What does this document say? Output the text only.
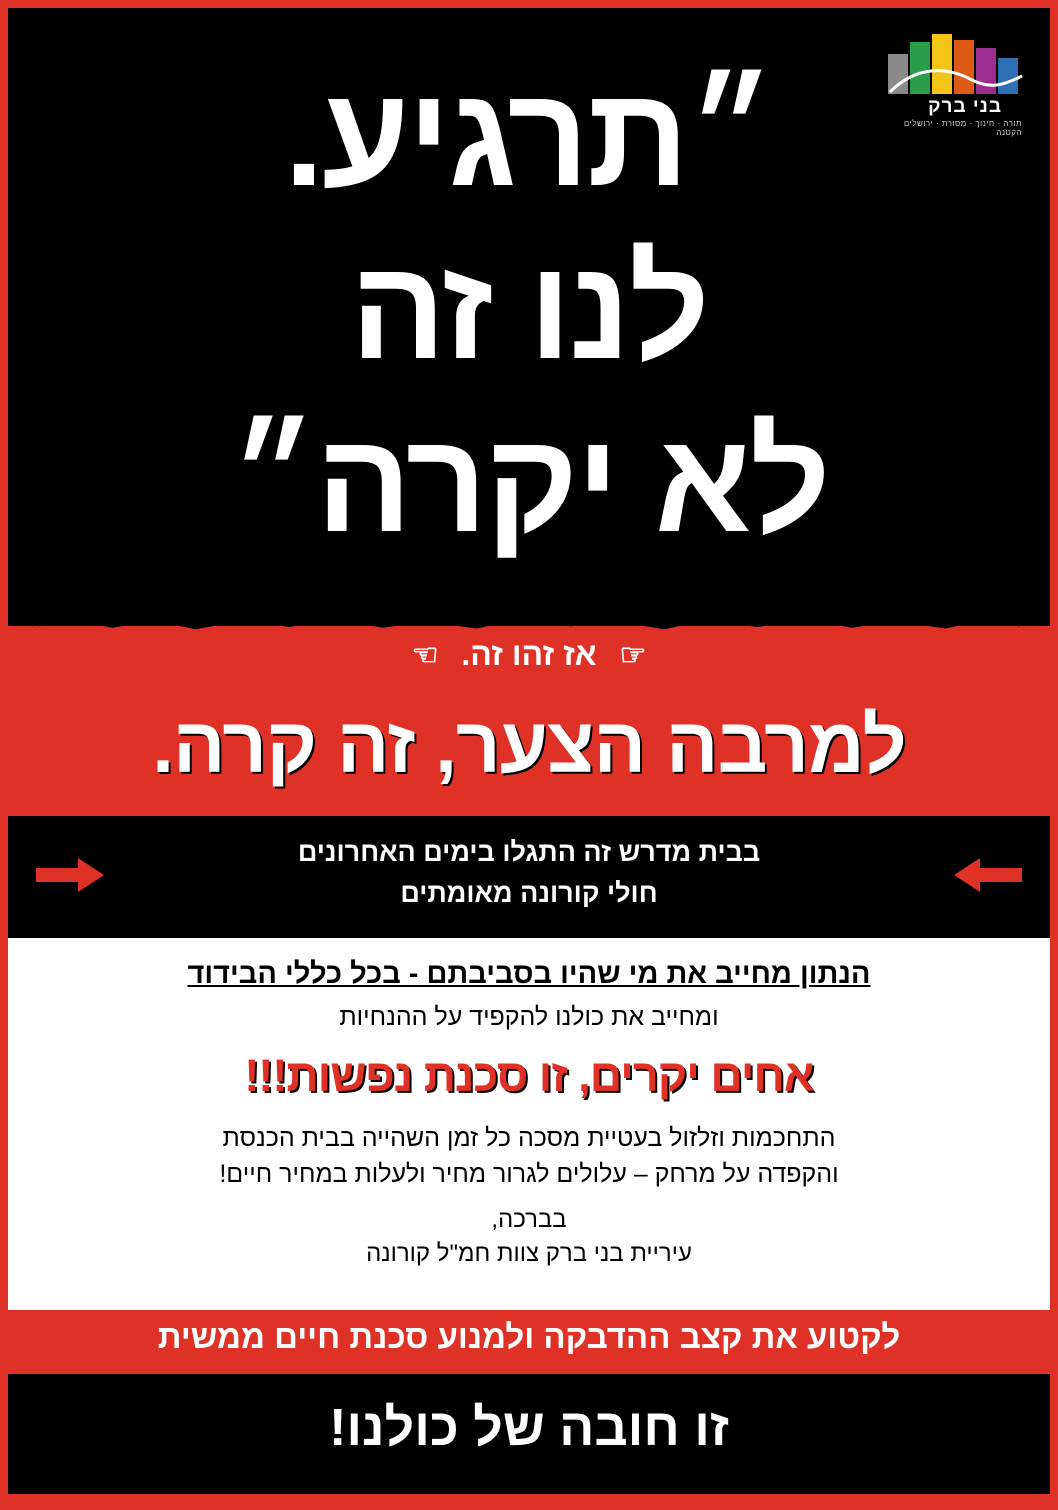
בני ברק
תורה · חינוך · מסורת · ירושלים הקטנה
״תרגיע.
לנו זה
לא יקרה״
☞ אז זהו זה. ☜
למרבה הצער, זה קרה.
בבית מדרש זה התגלו בימים האחרונים
חולי קורונה מאומתים
הנתון מחייב את מי שהיו בסביבתם - בכל כללי הבידוד
ומחייב את כולנו להקפיד על ההנחיות
אחים יקרים, זו סכנת נפשות!!!
התחכמות וזלזול בעטיית מסכה כל זמן השהייה בבית הכנסת
והקפדה על מרחק – עלולים לגרור מחיר ולעלות במחיר חיים!
בברכה,
עיריית בני ברק צוות חמ"ל קורונה
לקטוע את קצב ההדבקה ולמנוע סכנת חיים ממשית
זו חובה של כולנו!
